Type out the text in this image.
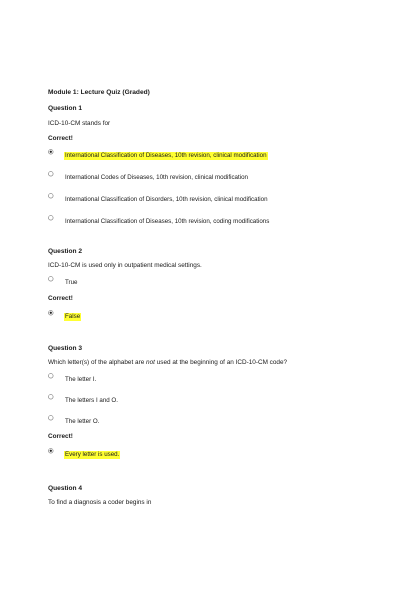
Module 1: Lecture Quiz (Graded)
Question 1
ICD-10-CM stands for
Correct!
International Classification of Diseases, 10th revision, clinical modification
International Codes of Diseases, 10th revision, clinical modification
International Classification of Disorders, 10th revision, clinical modification
International Classification of Diseases, 10th revision, coding modifications
Question 2
ICD-10-CM is used only in outpatient medical settings.
True
Correct!
False
Question 3
Which letter(s) of the alphabet are not used at the beginning of an ICD-10-CM code?
The letter I.
The letters I and O.
The letter O.
Correct!
Every letter is used.
Question 4
To find a diagnosis a coder begins in
